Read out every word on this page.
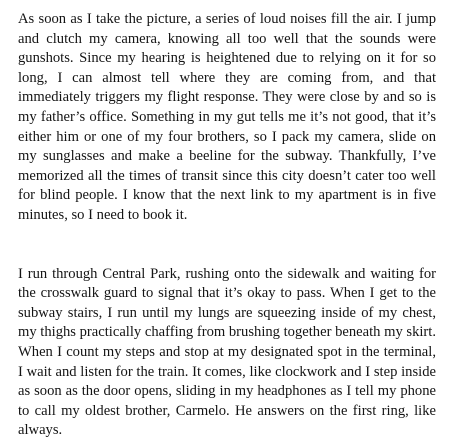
As soon as I take the picture, a series of loud noises fill the air. I jump and clutch my camera, knowing all too well that the sounds were gunshots. Since my hearing is heightened due to relying on it for so long, I can almost tell where they are coming from, and that immediately triggers my flight response. They were close by and so is my father’s office. Something in my gut tells me it’s not good, that it’s either him or one of my four brothers, so I pack my camera, slide on my sunglasses and make a beeline for the subway. Thankfully, I’ve memorized all the times of transit since this city doesn’t cater too well for blind people. I know that the next link to my apartment is in five minutes, so I need to book it.

I run through Central Park, rushing onto the sidewalk and waiting for the crosswalk guard to signal that it’s okay to pass. When I get to the subway stairs, I run until my lungs are squeezing inside of my chest, my thighs practically chaffing from brushing together beneath my skirt. When I count my steps and stop at my designated spot in the terminal, I wait and listen for the train. It comes, like clockwork and I step inside as soon as the door opens, sliding in my headphones as I tell my phone to call my oldest brother, Carmelo. He answers on the first ring, like always.
